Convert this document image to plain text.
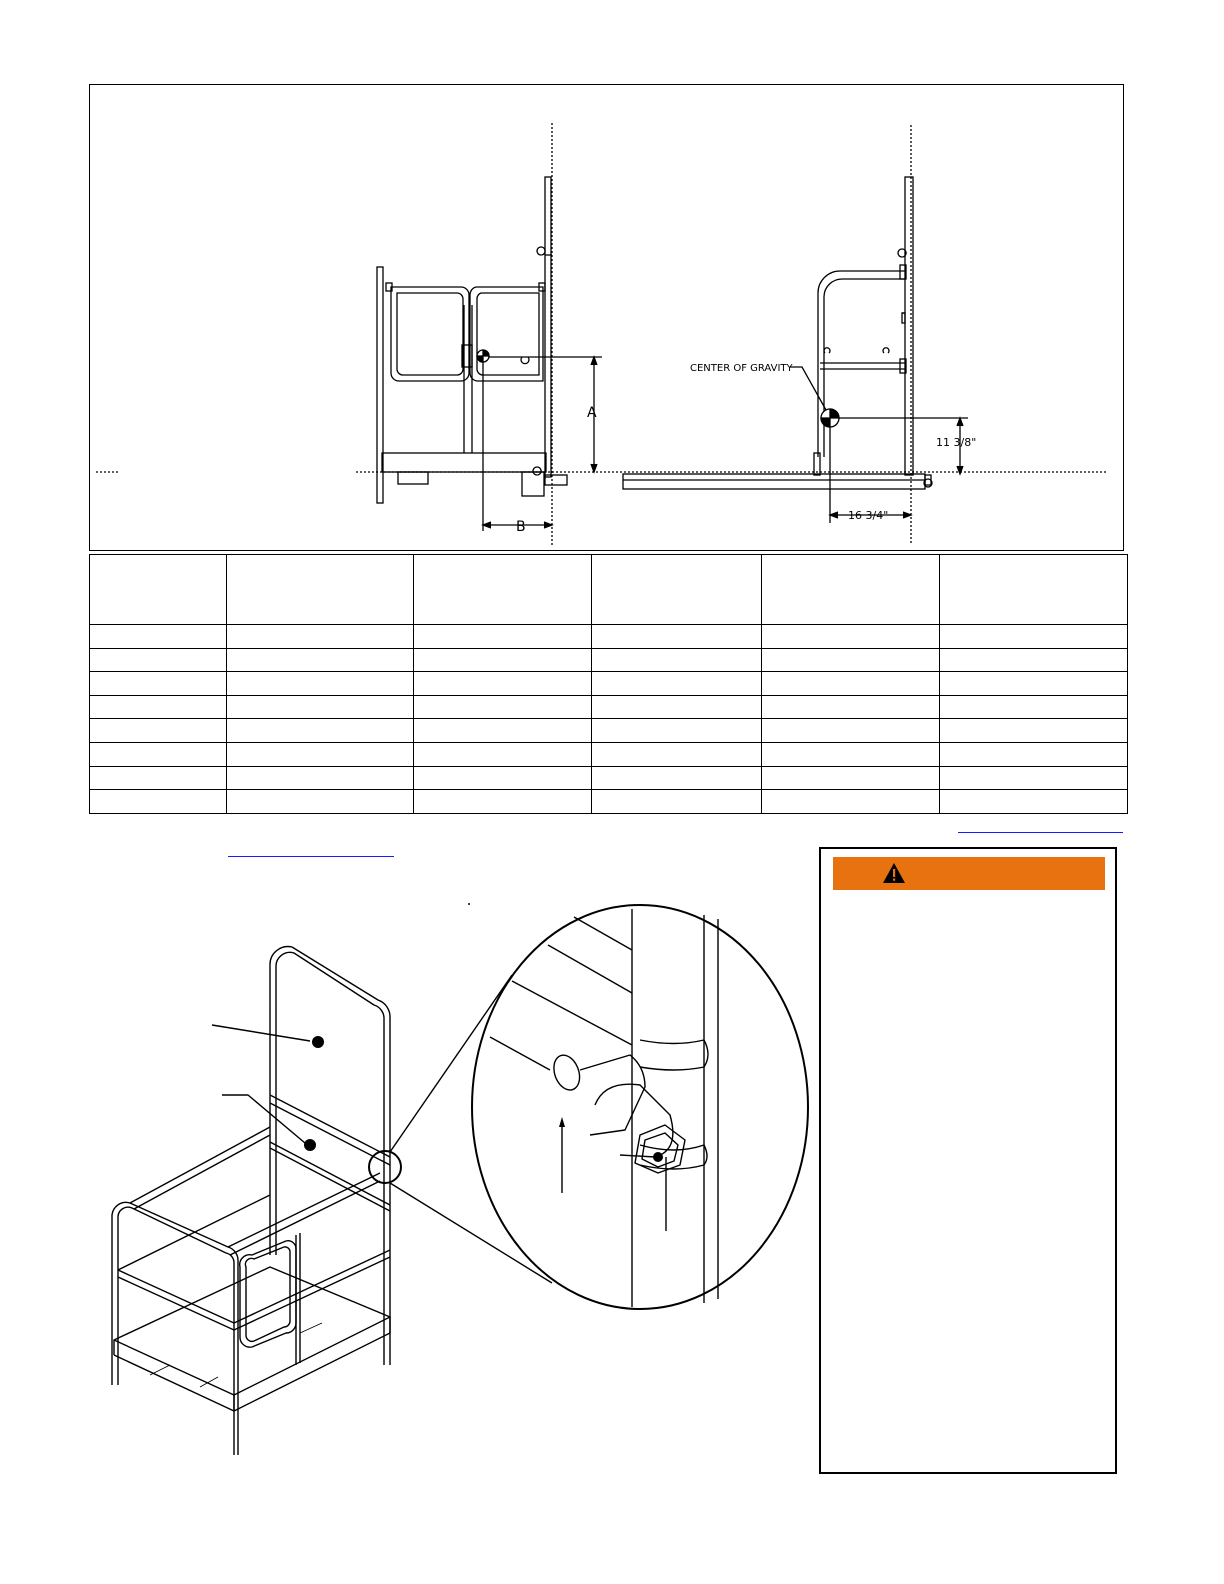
CENTER OF GRAVITY
A
B
11 3/8"
16 3/4"
